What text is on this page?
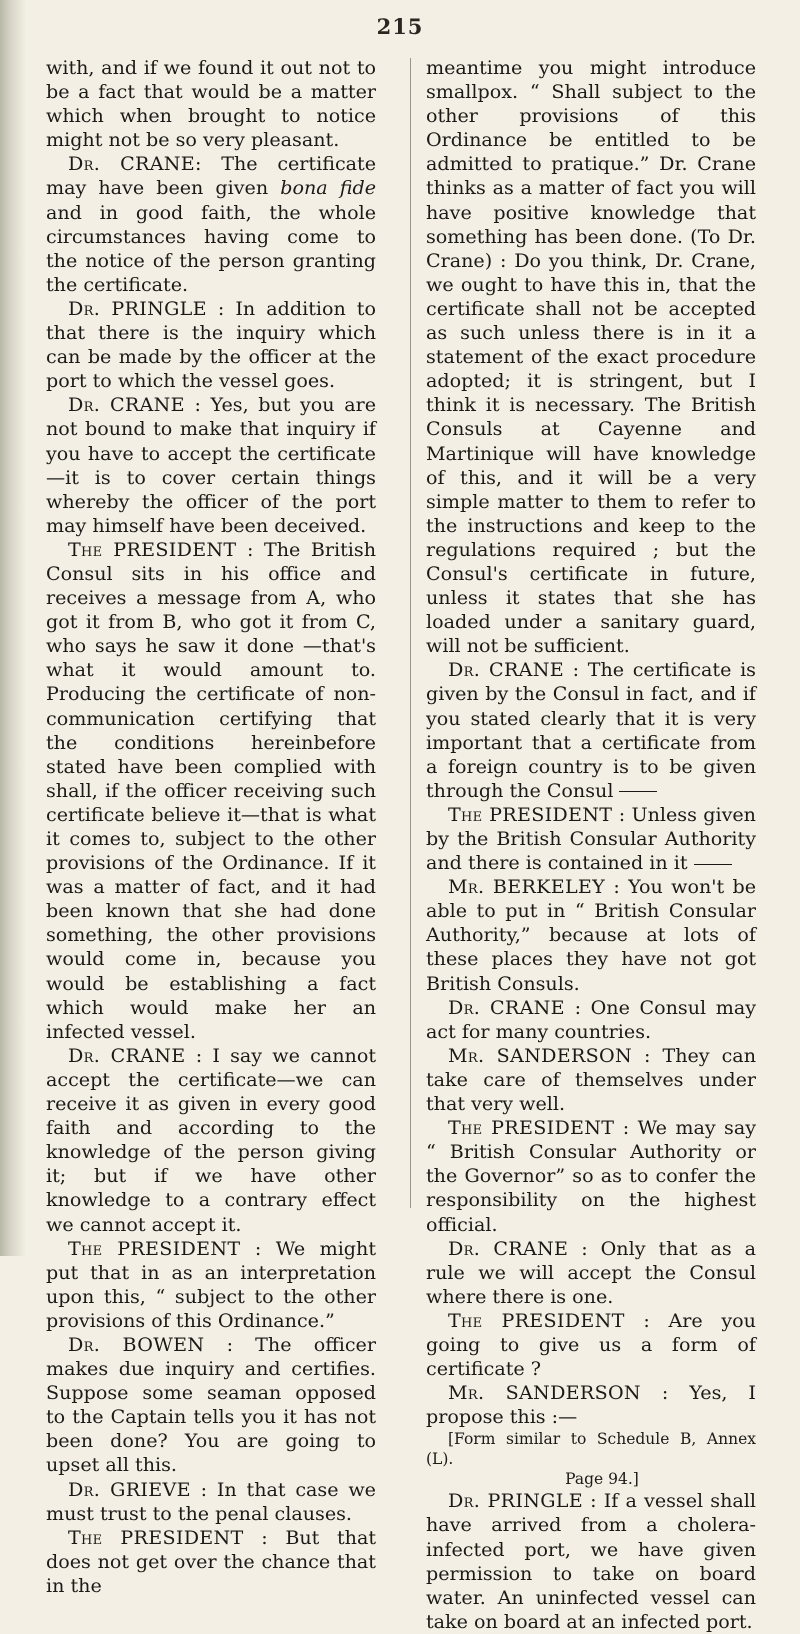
215

with, and if we found it out not to be a fact that would be a matter which when brought to notice might not be so very pleasant.

Dr. CRANE: The certificate may have been given bona fide and in good faith, the whole circumstances having come to the notice of the person granting the certificate.

Dr. PRINGLE : In addition to that there is the inquiry which can be made by the officer at the port to which the vessel goes.

Dr. CRANE : Yes, but you are not bound to make that inquiry if you have to accept the certificate—it is to cover certain things whereby the officer of the port may himself have been deceived.

The PRESIDENT : The British Consul sits in his office and receives a message from A, who got it from B, who got it from C, who says he saw it done —that's what it would amount to. Producing the certificate of non-communication certifying that the conditions hereinbefore stated have been complied with shall, if the officer receiving such certificate believe it—that is what it comes to, subject to the other provisions of the Ordinance. If it was a matter of fact, and it had been known that she had done something, the other provisions would come in, because you would be establishing a fact which would make her an infected vessel.

Dr. CRANE : I say we cannot accept the certificate—we can receive it as given in every good faith and according to the knowledge of the person giving it; but if we have other knowledge to a contrary effect we cannot accept it.

The PRESIDENT : We might put that in as an interpretation upon this, “ subject to the other provisions of this Ordinance.”

Dr. BOWEN : The officer makes due inquiry and certifies. Suppose some seaman opposed to the Captain tells you it has not been done? You are going to upset all this.

Dr. GRIEVE : In that case we must trust to the penal clauses.

The PRESIDENT : But that does not get over the chance that in the

meantime you might introduce smallpox. “ Shall subject to the other provisions of this Ordinance be entitled to be admitted to pratique.” Dr. Crane thinks as a matter of fact you will have positive knowledge that something has been done. (To Dr. Crane) : Do you think, Dr. Crane, we ought to have this in, that the certificate shall not be accepted as such unless there is in it a statement of the exact procedure adopted; it is stringent, but I think it is necessary. The British Consuls at Cayenne and Martinique will have knowledge of this, and it will be a very simple matter to them to refer to the instructions and keep to the regulations required ; but the Consul's certificate in future, unless it states that she has loaded under a sanitary guard, will not be sufficient.

Dr. CRANE : The certificate is given by the Consul in fact, and if you stated clearly that it is very important that a certificate from a foreign country is to be given through the Consul

The PRESIDENT : Unless given by the British Consular Authority and there is contained in it

Mr. BERKELEY : You won't be able to put in “ British Consular Authority,” because at lots of these places they have not got British Consuls.

Dr. CRANE : One Consul may act for many countries.

Mr. SANDERSON : They can take care of themselves under that very well.

The PRESIDENT : We may say “ British Consular Authority or the Governor” so as to confer the responsibility on the highest official.

Dr. CRANE : Only that as a rule we will accept the Consul where there is one.

The PRESIDENT : Are you going to give us a form of certificate ?

Mr. SANDERSON : Yes, I propose this :—

[Form similar to Schedule B, Annex (L).
Page 94.]

Dr. PRINGLE : If a vessel shall have arrived from a cholera-infected port, we have given permission to take on board water. An uninfected vessel can take on board at an infected port.
